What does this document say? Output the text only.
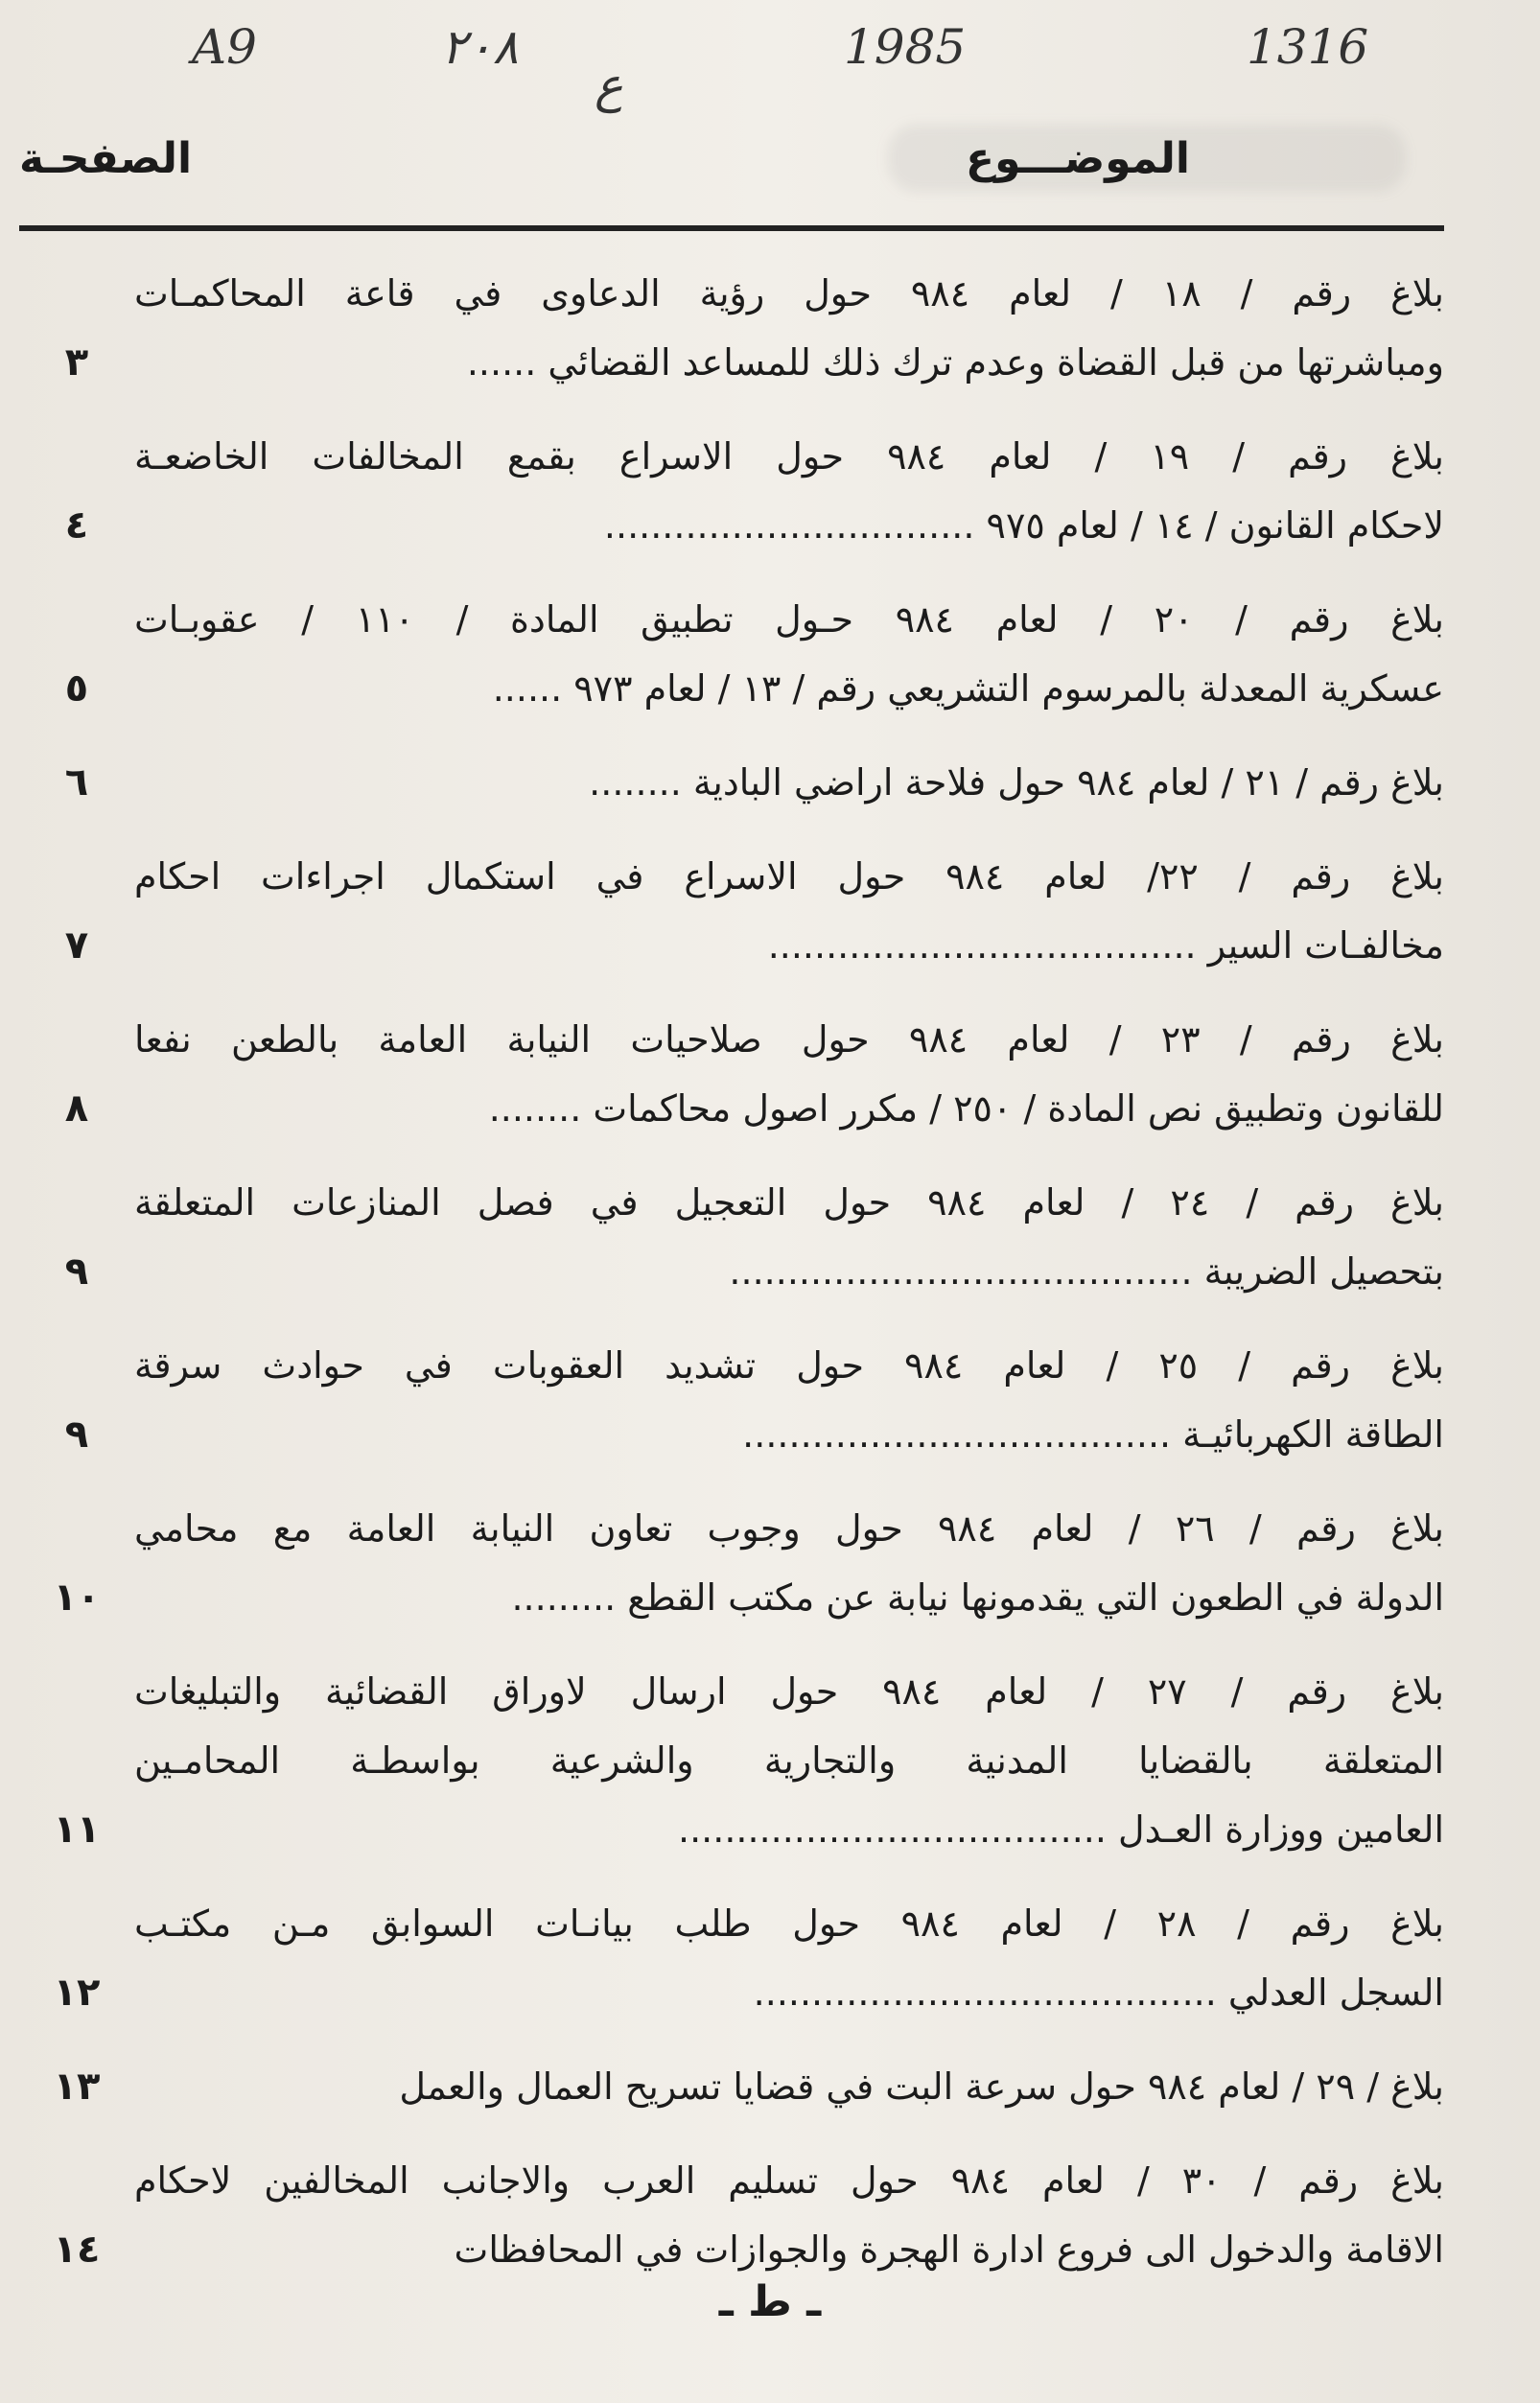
A9	٢٠٨
ع
1985	1316
الموضـــوع
الصفحـة
بلاغ رقم / ١٨ / لعام ٩٨٤ حول رؤية الدعاوى في قاعة المحاكمـات
ومباشرتها من قبل القضاة وعدم ترك ذلك للمساعد القضائي ......
٣
بلاغ رقم / ١٩ / لعام ٩٨٤ حول الاسراع بقمع المخالفات الخاضعـة
لاحكام القانون / ١٤ / لعام ٩٧٥ ................................
٤
بلاغ رقم / ٢٠ / لعام ٩٨٤ حـول تطبيق المادة / ١١٠ / عقوبـات
عسكرية المعدلة بالمرسوم التشريعي رقم / ١٣ / لعام ٩٧٣ ......
٥
بلاغ رقم / ٢١ / لعام ٩٨٤ حول فلاحة اراضي البادية ........
٦
بلاغ رقم / ٢٢/ لعام ٩٨٤ حول الاسراع في استكمال اجراءات احكام
مخالفـات السير .....................................
٧
بلاغ رقم / ٢٣ / لعام ٩٨٤ حول صلاحيات النيابة العامة بالطعن نفعا
للقانون وتطبيق نص المادة / ٢٥٠ / مكرر اصول محاكمات ........
٨
بلاغ رقم / ٢٤ / لعام ٩٨٤ حول التعجيل في فصل المنازعات المتعلقة
بتحصيل الضريبة ........................................
٩
بلاغ رقم / ٢٥ / لعام ٩٨٤ حول تشديد العقوبات في حوادث سرقة
الطاقة الكهربائيـة .....................................
٩
بلاغ رقم / ٢٦ / لعام ٩٨٤ حول وجوب تعاون النيابة العامة مع محامي
الدولة في الطعون التي يقدمونها نيابة عن مكتب القطع .........
١٠
بلاغ رقم / ٢٧ / لعام ٩٨٤ حول ارسال لاوراق القضائية والتبليغات
المتعلقة بالقضايا المدنية والتجارية والشرعية بواسطـة المحامـين
العامين ووزارة العـدل .....................................
١١
بلاغ رقم / ٢٨ / لعام ٩٨٤ حول طلب بيانـات السوابق مـن مكتـب
السجل العدلي ........................................
١٢
بلاغ / ٢٩ / لعام ٩٨٤ حول سرعة البت في قضايا تسريح العمال والعمل
١٣
بلاغ رقم / ٣٠ / لعام ٩٨٤ حول تسليم العرب والاجانب المخالفين لاحكام
الاقامة والدخول الى فروع ادارة الهجرة والجوازات في المحافظات
١٤
ـ ط ـ
